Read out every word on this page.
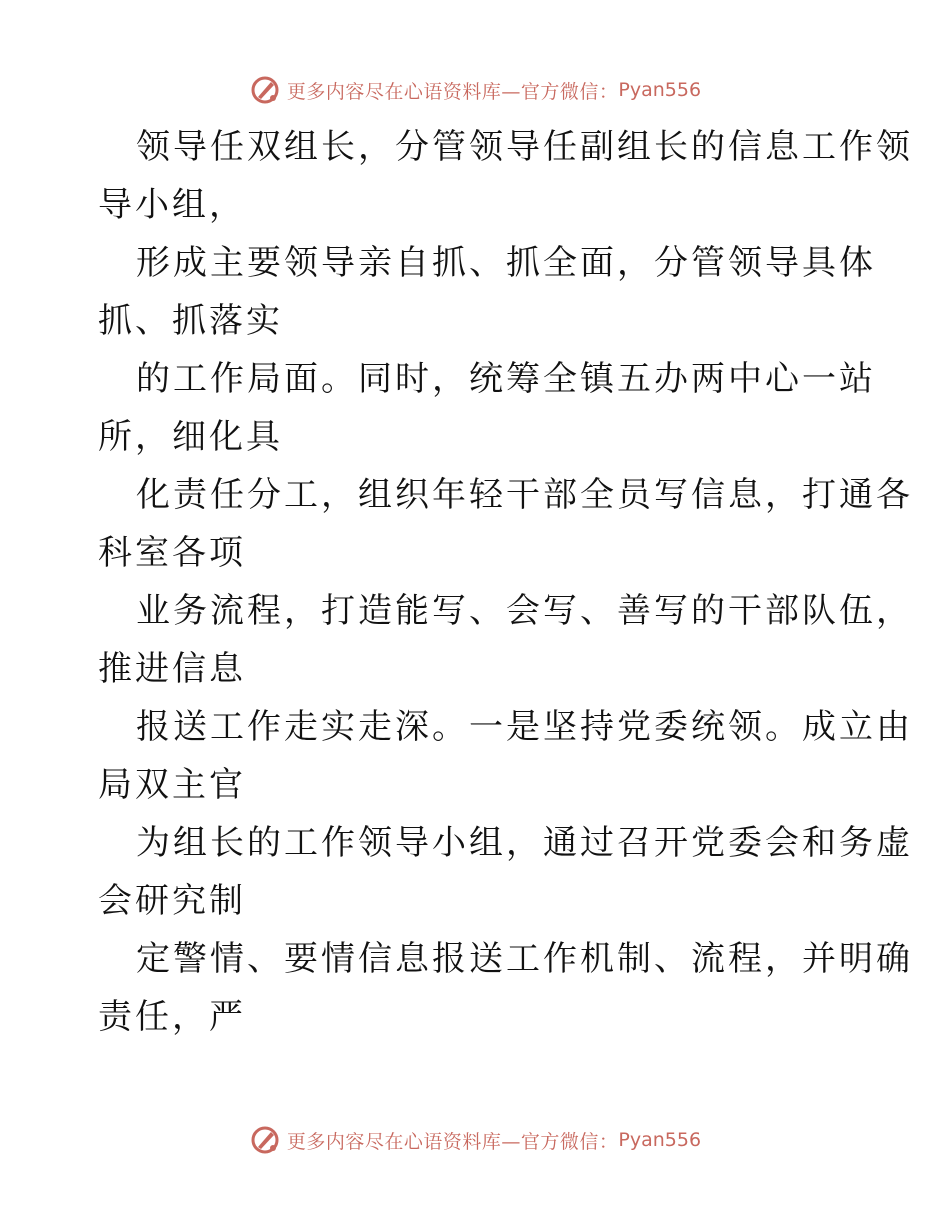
更多内容尽在心语资料库—官方微信： Pyan556
领导任双组长，分管领导任副组长的信息工作领
导小组，
形成主要领导亲自抓、抓全面，分管领导具体
抓、抓落实
的工作局面。同时，统筹全镇五办两中心一站
所，细化具
化责任分工，组织年轻干部全员写信息，打通各
科室各项
业务流程，打造能写、会写、善写的干部队伍，
推进信息
报送工作走实走深。一是坚持党委统领。成立由
局双主官
为组长的工作领导小组，通过召开党委会和务虚
会研究制
定警情、要情信息报送工作机制、流程，并明确
责任，严
更多内容尽在心语资料库—官方微信： Pyan556
